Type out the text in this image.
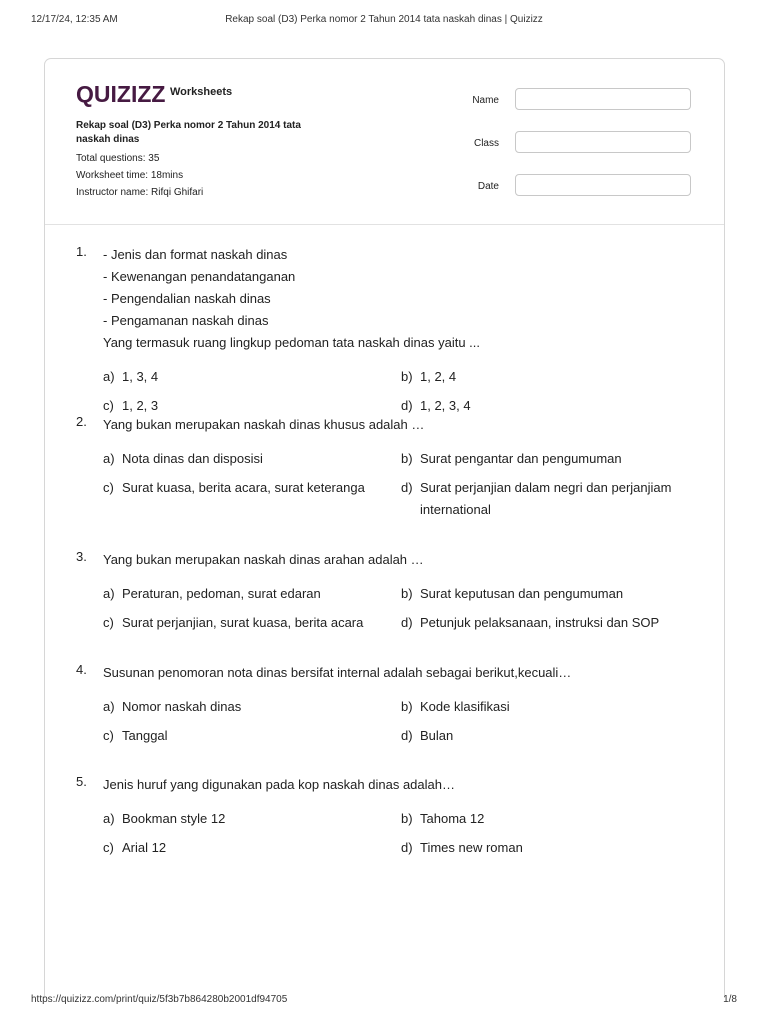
12/17/24, 12:35 AM	Rekap soal (D3) Perka nomor 2 Tahun 2014 tata naskah dinas | Quizizz
QUIZIZZ Worksheets
Rekap soal (D3) Perka nomor 2 Tahun 2014 tata naskah dinas
Total questions: 35
Worksheet time: 18mins
Instructor name: Rifqi Ghifari
Name
Class
Date
1.	- Jenis dan format naskah dinas
- Kewenangan penandatanganan
- Pengendalian naskah dinas
- Pengamanan naskah dinas
Yang termasuk ruang lingkup pedoman tata naskah dinas yaitu ...
a) 1, 3, 4	b) 1, 2, 4
c) 1, 2, 3	d) 1, 2, 3, 4
2.	Yang bukan merupakan naskah dinas khusus adalah …
a) Nota dinas dan disposisi	b) Surat pengantar dan pengumuman
c) Surat kuasa, berita acara, surat keteranga	d) Surat perjanjian dalam negri dan perjanjiam international
3.	Yang bukan merupakan naskah dinas arahan adalah …
a) Peraturan, pedoman, surat edaran	b) Surat keputusan dan pengumuman
c) Surat perjanjian, surat kuasa, berita acara	d) Petunjuk pelaksanaan, instruksi dan SOP
4.	Susunan penomoran nota dinas bersifat internal adalah sebagai berikut,kecuali…
a) Nomor naskah dinas	b) Kode klasifikasi
c) Tanggal	d) Bulan
5.	Jenis huruf yang digunakan pada kop naskah dinas adalah…
a) Bookman style 12	b) Tahoma 12
c) Arial 12	d) Times new roman
https://quizizz.com/print/quiz/5f3b7b864280b2001df94705	1/8
